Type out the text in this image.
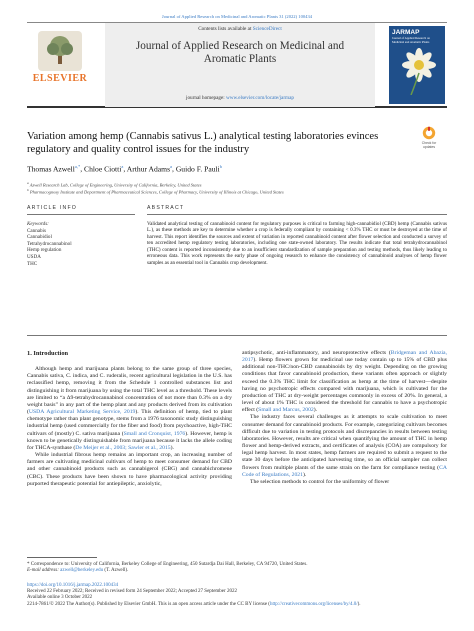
Journal of Applied Research on Medicinal and Aromatic Plants 31 (2022) 100434
ELSEVIER
Contents lists available at ScienceDirect
Journal of Applied Research on Medicinal and Aromatic Plants
journal homepage: www.elsevier.com/locate/jarmap
JARMAP
Journal of Applied Research on Medicinal and Aromatic Plants
Variation among hemp (Cannabis sativus L.) analytical testing laboratories evinces regulatory and quality control issues for the industry
Check for updates
Thomas Azwell$^{a,*}$, Chloe Ciotti$^a$, Arthur Adams$^a$, Guido F. Pauli$^b$
$^a$ Azwell Research Lab, College of Engineering, University of California, Berkeley, United States
$^b$ Pharmacognosy Institute and Department of Pharmaceutical Sciences, College of Pharmacy, University of Illinois at Chicago, United States
ARTICLE INFO	ABSTRACT
Keywords:
Cannabis
Cannabidiol
Tetrahydrocannabinol
Hemp regulation
USDA
THC
Validated analytical testing of cannabinoid content for regulatory purposes is critical to farming high-cannabidiol (CBD) hemp (Cannabis sativus L.), as these methods are key to determine whether a crop is federally compliant by containing < 0.3% THC or must be destroyed at the time of harvest. This report identifies the sources and extent of variation in reported cannabinoid content after flower selection and conducted a survey of ten accredited hemp regulatory testing laboratories, including one state-owned laboratory. The results indicate that total tetrahydrocannabinol (THC) content is reported inconsistently due to an insufficient standardization of sample preparation and testing methods, thus likely leading to erroneous data. This work represents the early phase of ongoing research to enhance the consistency of cannabinoid analyses of hemp flower samples as an essential tool in Cannabis crop development.
1. Introduction

Although hemp and marijuana plants belong to the same group of three species, Cannabis sativa, C. indica, and C. ruderalis, recent agricultural legislation in the U.S. has reclassified hemp, removing it from the Schedule 1 controlled substances list and distinguishing it from marijuana by using the total THC level as a threshold. These levels are limited to “a Δ9-tetrahydrocannabinol concentration of not more than 0.3% on a dry weight basis” in any part of the hemp plant and any products derived from its cultivation (USDA Agricultural Marketing Service, 2019). This definition of hemp, tied to plant chemotype rather than plant genotype, stems from a 1976 taxonomic study distinguishing industrial hemp (used commercially for the fiber and food) from psychoactive, high-THC cultivars of (mostly) C. sativa marijuana (Small and Cronquist, 1976). However, hemp is known to be genetically distinguishable from marijuana because it lacks the allele coding for THCA-synthase (De Meijer et al., 2003; Sawler et al., 2015).

While industrial fibrous hemp remains an important crop, an increasing number of farmers are cultivating medicinal cultivars of hemp to meet consumer demand for CBD and other cannabinoid products such as cannabigerol (CBG) and cannabichromene (CBC). These products have been shown to have pharmacological activity providing purported therapeutic potential for antiepileptic, anxiolytic,

antipsychotic, anti-inflammatory, and neuroprotective effects (Bridgeman and Abazia, 2017). Hemp flowers grown for medicinal use today contain up to 15% of CBD plus additional non-THC/non-CBD cannabinoids by dry weight. Depending on the growing conditions that favor cannabinoid production, these variants often approach or slightly exceed the 0.3% THC limit for classification as hemp at the time of harvest—despite having no psychotropic effects compared with marijuana, which is cultivated for the production of THC at dry-weight percentages commonly in excess of 20%. In general, a level of about 1% THC is considered the threshold for cannabis to have a psychotropic effect (Small and Marcus, 2002).

The industry faces several challenges as it attempts to scale cultivation to meet consumer demand for cannabinoid products. For example, categorizing cultivars becomes difficult due to variation in testing protocols and discrepancies in results between testing laboratories. However, results are critical when quantifying the amount of THC in hemp flower and hemp-derived extracts, and certificates of analysis (COA) are compulsory for legal hemp harvest. In most states, hemp farmers are required to submit a request to the state 30 days before the anticipated harvesting time, so an official sampler can collect flowers from multiple plants of the same strain on the farm for compliance testing (CA Code of Regulations, 2021).

The selection methods to control for the uniformity of flower

* Correspondence to: University of California, Berkeley College of Engineering, 450 Sutardja Dai Hall, Berkeley, CA 94720, United States.
E-mail address: azwell@berkeley.edu (T. Azwell).
https://doi.org/10.1016/j.jarmap.2022.100434
Received 22 February 2022; Received in revised form 24 September 2022; Accepted 27 September 2022
Available online 3 October 2022
2214-7861/© 2022 The Author(s). Published by Elsevier GmbH. This is an open access article under the CC BY license (http://creativecommons.org/licenses/by/4.0/).
